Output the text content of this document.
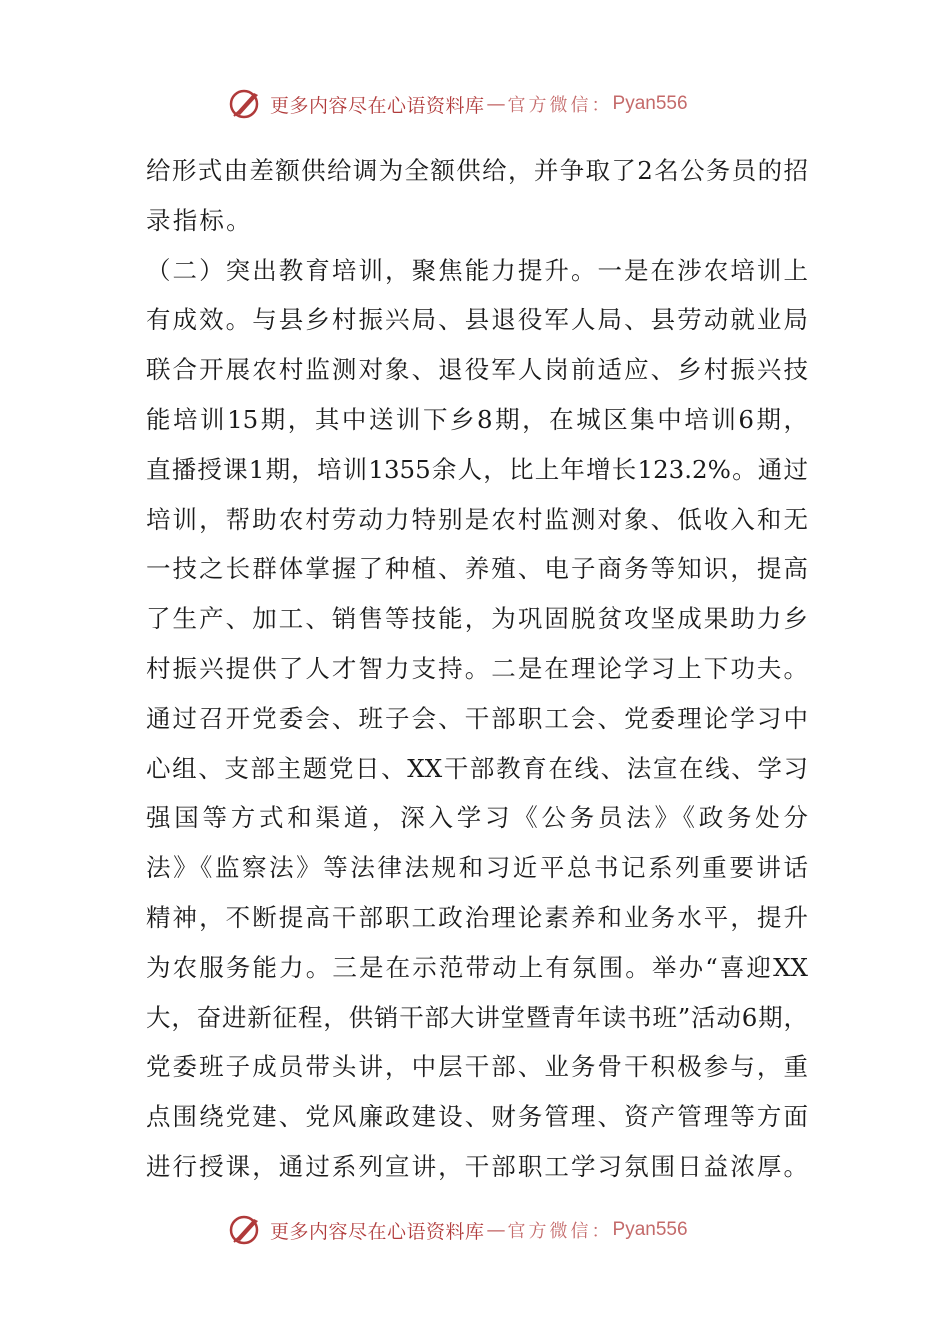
更多内容尽在心语资料库 — 官方微信： Pyan556
给形式由差额供给调为全额供给，并争取了2名公务员的招
录指标。
（二）突出教育培训，聚焦能力提升。一是在涉农培训上
有成效。与县乡村振兴局、县退役军人局、县劳动就业局
联合开展农村监测对象、退役军人岗前适应、乡村振兴技
能培训15期，其中送训下乡8期，在城区集中培训6期，
直播授课1期，培训1355余人，比上年增长123.2%。通过
培训，帮助农村劳动力特别是农村监测对象、低收入和无
一技之长群体掌握了种植、养殖、电子商务等知识，提高
了生产、加工、销售等技能，为巩固脱贫攻坚成果助力乡
村振兴提供了人才智力支持。二是在理论学习上下功夫。
通过召开党委会、班子会、干部职工会、党委理论学习中
心组、支部主题党日、XX干部教育在线、法宣在线、学习
强国等方式和渠道，深入学习《公务员法》《政务处分
法》《监察法》等法律法规和习近平总书记系列重要讲话
精神，不断提高干部职工政治理论素养和业务水平，提升
为农服务能力。三是在示范带动上有氛围。举办“喜迎XX
大，奋进新征程，供销干部大讲堂暨青年读书班”活动6期，
党委班子成员带头讲，中层干部、业务骨干积极参与，重
点围绕党建、党风廉政建设、财务管理、资产管理等方面
进行授课，通过系列宣讲，干部职工学习氛围日益浓厚。
更多内容尽在心语资料库 — 官方微信： Pyan556
